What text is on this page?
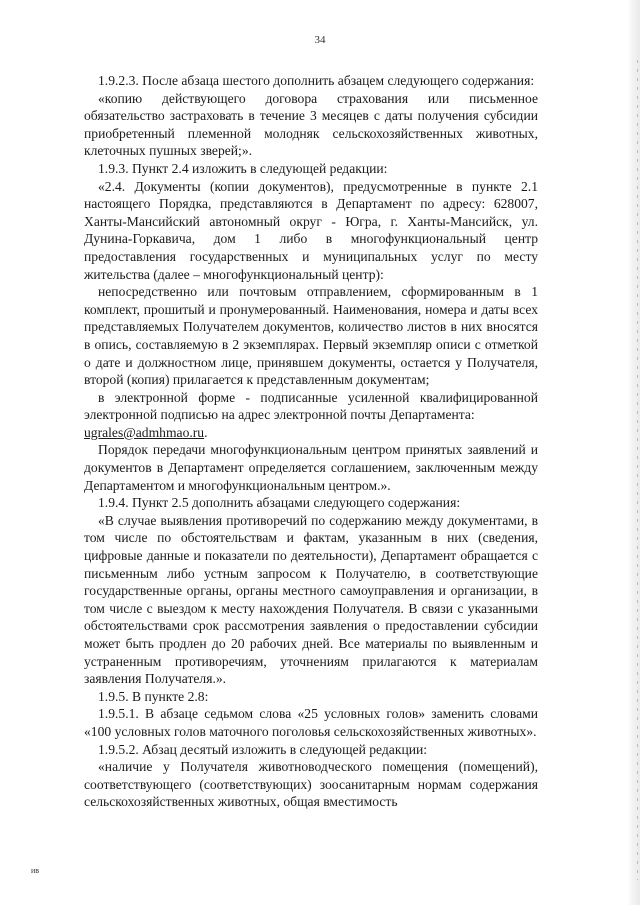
34

1.9.2.3. После абзаца шестого дополнить абзацем следующего содержания:

«копию действующего договора страхования или письменное обязательство застраховать в течение 3 месяцев с даты получения субсидии приобретенный племенной молодняк сельскохозяйственных животных, клеточных пушных зверей;».

1.9.3. Пункт 2.4 изложить в следующей редакции:

«2.4. Документы (копии документов), предусмотренные в пункте 2.1 настоящего Порядка, представляются в Департамент по адресу: 628007, Ханты-Мансийский автономный округ - Югра, г. Ханты-Мансийск, ул. Дунина-Горкавича, дом 1 либо в многофункциональный центр предоставления государственных и муниципальных услуг по месту жительства (далее – многофункциональный центр):

непосредственно или почтовым отправлением, сформированным в 1 комплект, прошитый и пронумерованный. Наименования, номера и даты всех представляемых Получателем документов, количество листов в них вносятся в опись, составляемую в 2 экземплярах. Первый экземпляр описи с отметкой о дате и должностном лице, принявшем документы, остается у Получателя, второй (копия) прилагается к представленным документам;

в электронной форме - подписанные усиленной квалифицированной электронной подписью на адрес электронной почты Департамента:

ugrales@admhmao.ru.

Порядок передачи многофункциональным центром принятых заявлений и документов в Департамент определяется соглашением, заключенным между Департаментом и многофункциональным центром.».

1.9.4. Пункт 2.5 дополнить абзацами следующего содержания:

«В случае выявления противоречий по содержанию между документами, в том числе по обстоятельствам и фактам, указанным в них (сведения, цифровые данные и показатели по деятельности), Департамент обращается с письменным либо устным запросом к Получателю, в соответствующие государственные органы, органы местного самоуправления и организации, в том числе с выездом к месту нахождения Получателя. В связи с указанными обстоятельствами срок рассмотрения заявления о предоставлении субсидии может быть продлен до 20 рабочих дней. Все материалы по выявленным и устраненным противоречиям, уточнениям прилагаются к материалам заявления Получателя.».

1.9.5. В пункте 2.8:

1.9.5.1. В абзаце седьмом слова «25 условных голов» заменить словами «100 условных голов маточного поголовья сельскохозяйственных животных».

1.9.5.2. Абзац десятый изложить в следующей редакции:

«наличие у Получателя животноводческого помещения (помещений), соответствующего (соответствующих) зоосанитарным нормам содержания сельскохозяйственных животных, общая вместимость

ив
